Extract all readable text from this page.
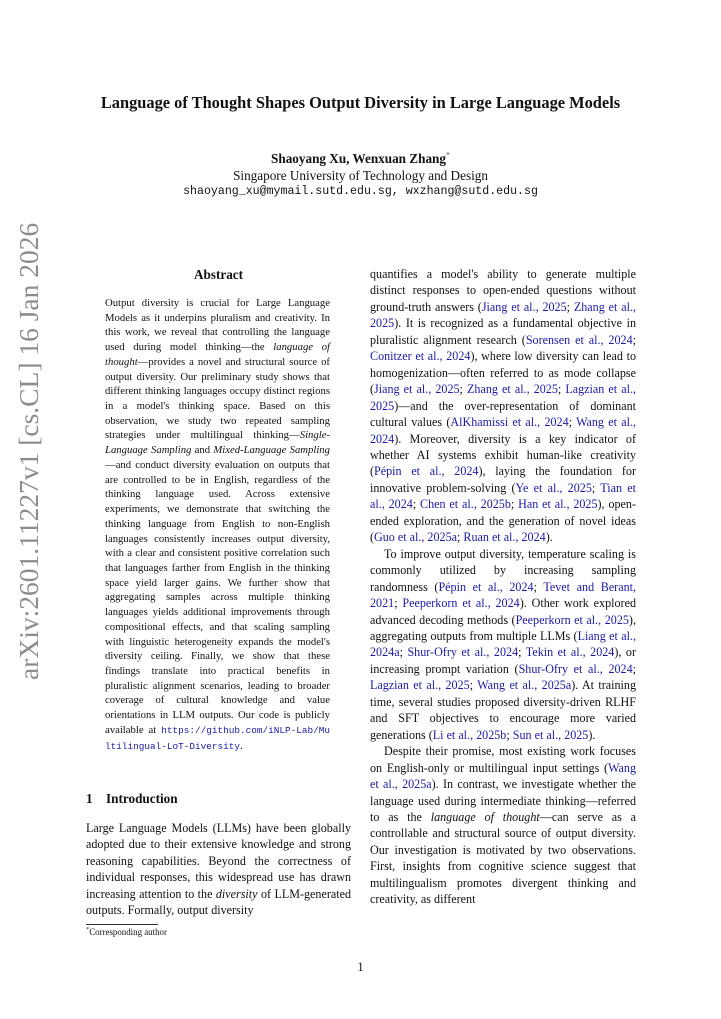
arXiv:2601.11227v1 [cs.CL] 16 Jan 2026
Language of Thought Shapes Output Diversity in Large Language Models
Shaoyang Xu, Wenxuan Zhang*
Singapore University of Technology and Design
shaoyang_xu@mymail.sutd.edu.sg, wxzhang@sutd.edu.sg
Abstract
Output diversity is crucial for Large Language Models as it underpins pluralism and creativity. In this work, we reveal that controlling the language used during model thinking—the language of thought—provides a novel and structural source of output diversity. Our preliminary study shows that different thinking languages occupy distinct regions in a model's thinking space. Based on this observation, we study two repeated sampling strategies under multilingual thinking—Single-Language Sampling and Mixed-Language Sampling—and conduct diversity evaluation on outputs that are controlled to be in English, regardless of the thinking language used. Across extensive experiments, we demonstrate that switching the thinking language from English to non-English languages consistently increases output diversity, with a clear and consistent positive correlation such that languages farther from English in the thinking space yield larger gains. We further show that aggregating samples across multiple thinking languages yields additional improvements through compositional effects, and that scaling sampling with linguistic heterogeneity expands the model's diversity ceiling. Finally, we show that these findings translate into practical benefits in pluralistic alignment scenarios, leading to broader coverage of cultural knowledge and value orientations in LLM outputs. Our code is publicly available at https://github.com/iNLP-Lab/Multilingual-LoT-Diversity.
1 Introduction
Large Language Models (LLMs) have been globally adopted due to their extensive knowledge and strong reasoning capabilities. Beyond the correctness of individual responses, this widespread use has drawn increasing attention to the diversity of LLM-generated outputs. Formally, output diversity
*Corresponding author

quantifies a model's ability to generate multiple distinct responses to open-ended questions without ground-truth answers (Jiang et al., 2025; Zhang et al., 2025). It is recognized as a fundamental objective in pluralistic alignment research (Sorensen et al., 2024; Conitzer et al., 2024), where low diversity can lead to homogenization—often referred to as mode collapse (Jiang et al., 2025; Zhang et al., 2025; Lagzian et al., 2025)—and the over-representation of dominant cultural values (AlKhamissi et al., 2024; Wang et al., 2024). Moreover, diversity is a key indicator of whether AI systems exhibit human-like creativity (Pépin et al., 2024), laying the foundation for innovative problem-solving (Ye et al., 2025; Tian et al., 2024; Chen et al., 2025b; Han et al., 2025), open-ended exploration, and the generation of novel ideas (Guo et al., 2025a; Ruan et al., 2024).

To improve output diversity, temperature scaling is commonly utilized by increasing sampling randomness (Pépin et al., 2024; Tevet and Berant, 2021; Peeperkorn et al., 2024). Other work explored advanced decoding methods (Peeperkorn et al., 2025), aggregating outputs from multiple LLMs (Liang et al., 2024a; Shur-Ofry et al., 2024; Tekin et al., 2024), or increasing prompt variation (Shur-Ofry et al., 2024; Lagzian et al., 2025; Wang et al., 2025a). At training time, several studies proposed diversity-driven RLHF and SFT objectives to encourage more varied generations (Li et al., 2025b; Sun et al., 2025).

Despite their promise, most existing work focuses on English-only or multilingual input settings (Wang et al., 2025a). In contrast, we investigate whether the language used during intermediate thinking—referred to as the language of thought—can serve as a controllable and structural source of output diversity. Our investigation is motivated by two observations. First, insights from cognitive science suggest that multilingualism promotes divergent thinking and creativity, as different

1
